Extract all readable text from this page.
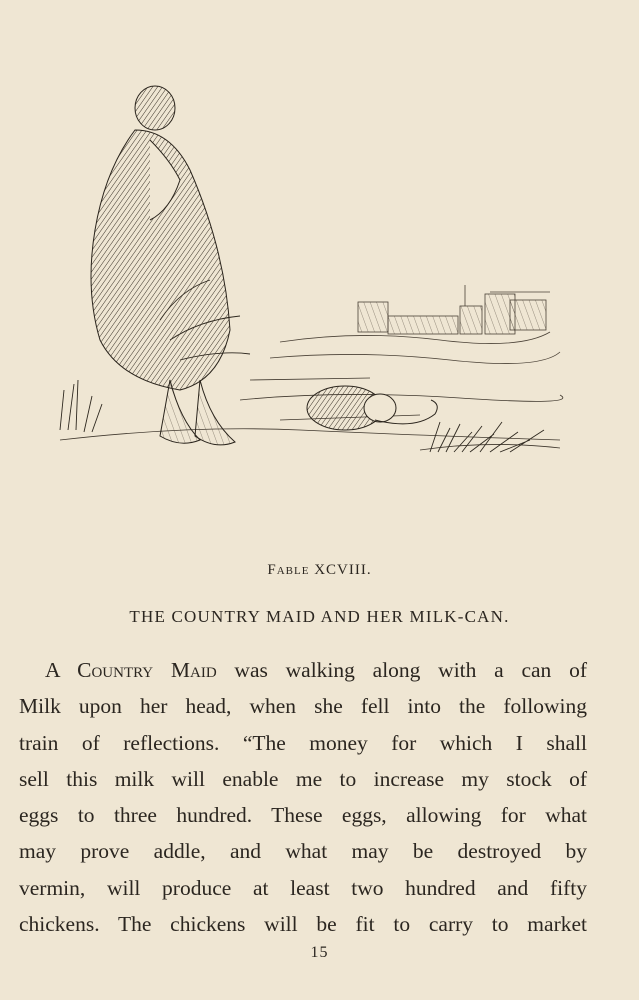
Fable XCVIII.
THE COUNTRY MAID AND HER MILK-CAN.
A Country Maid was walking along with a can of
Milk upon her head, when she fell into the following
train of reflections. “The money for which I shall
sell this milk will enable me to increase my stock of
eggs to three hundred. These eggs, allowing for what
may prove addle, and what may be destroyed by
vermin, will produce at least two hundred and fifty
chickens. The chickens will be fit to carry to market
15
